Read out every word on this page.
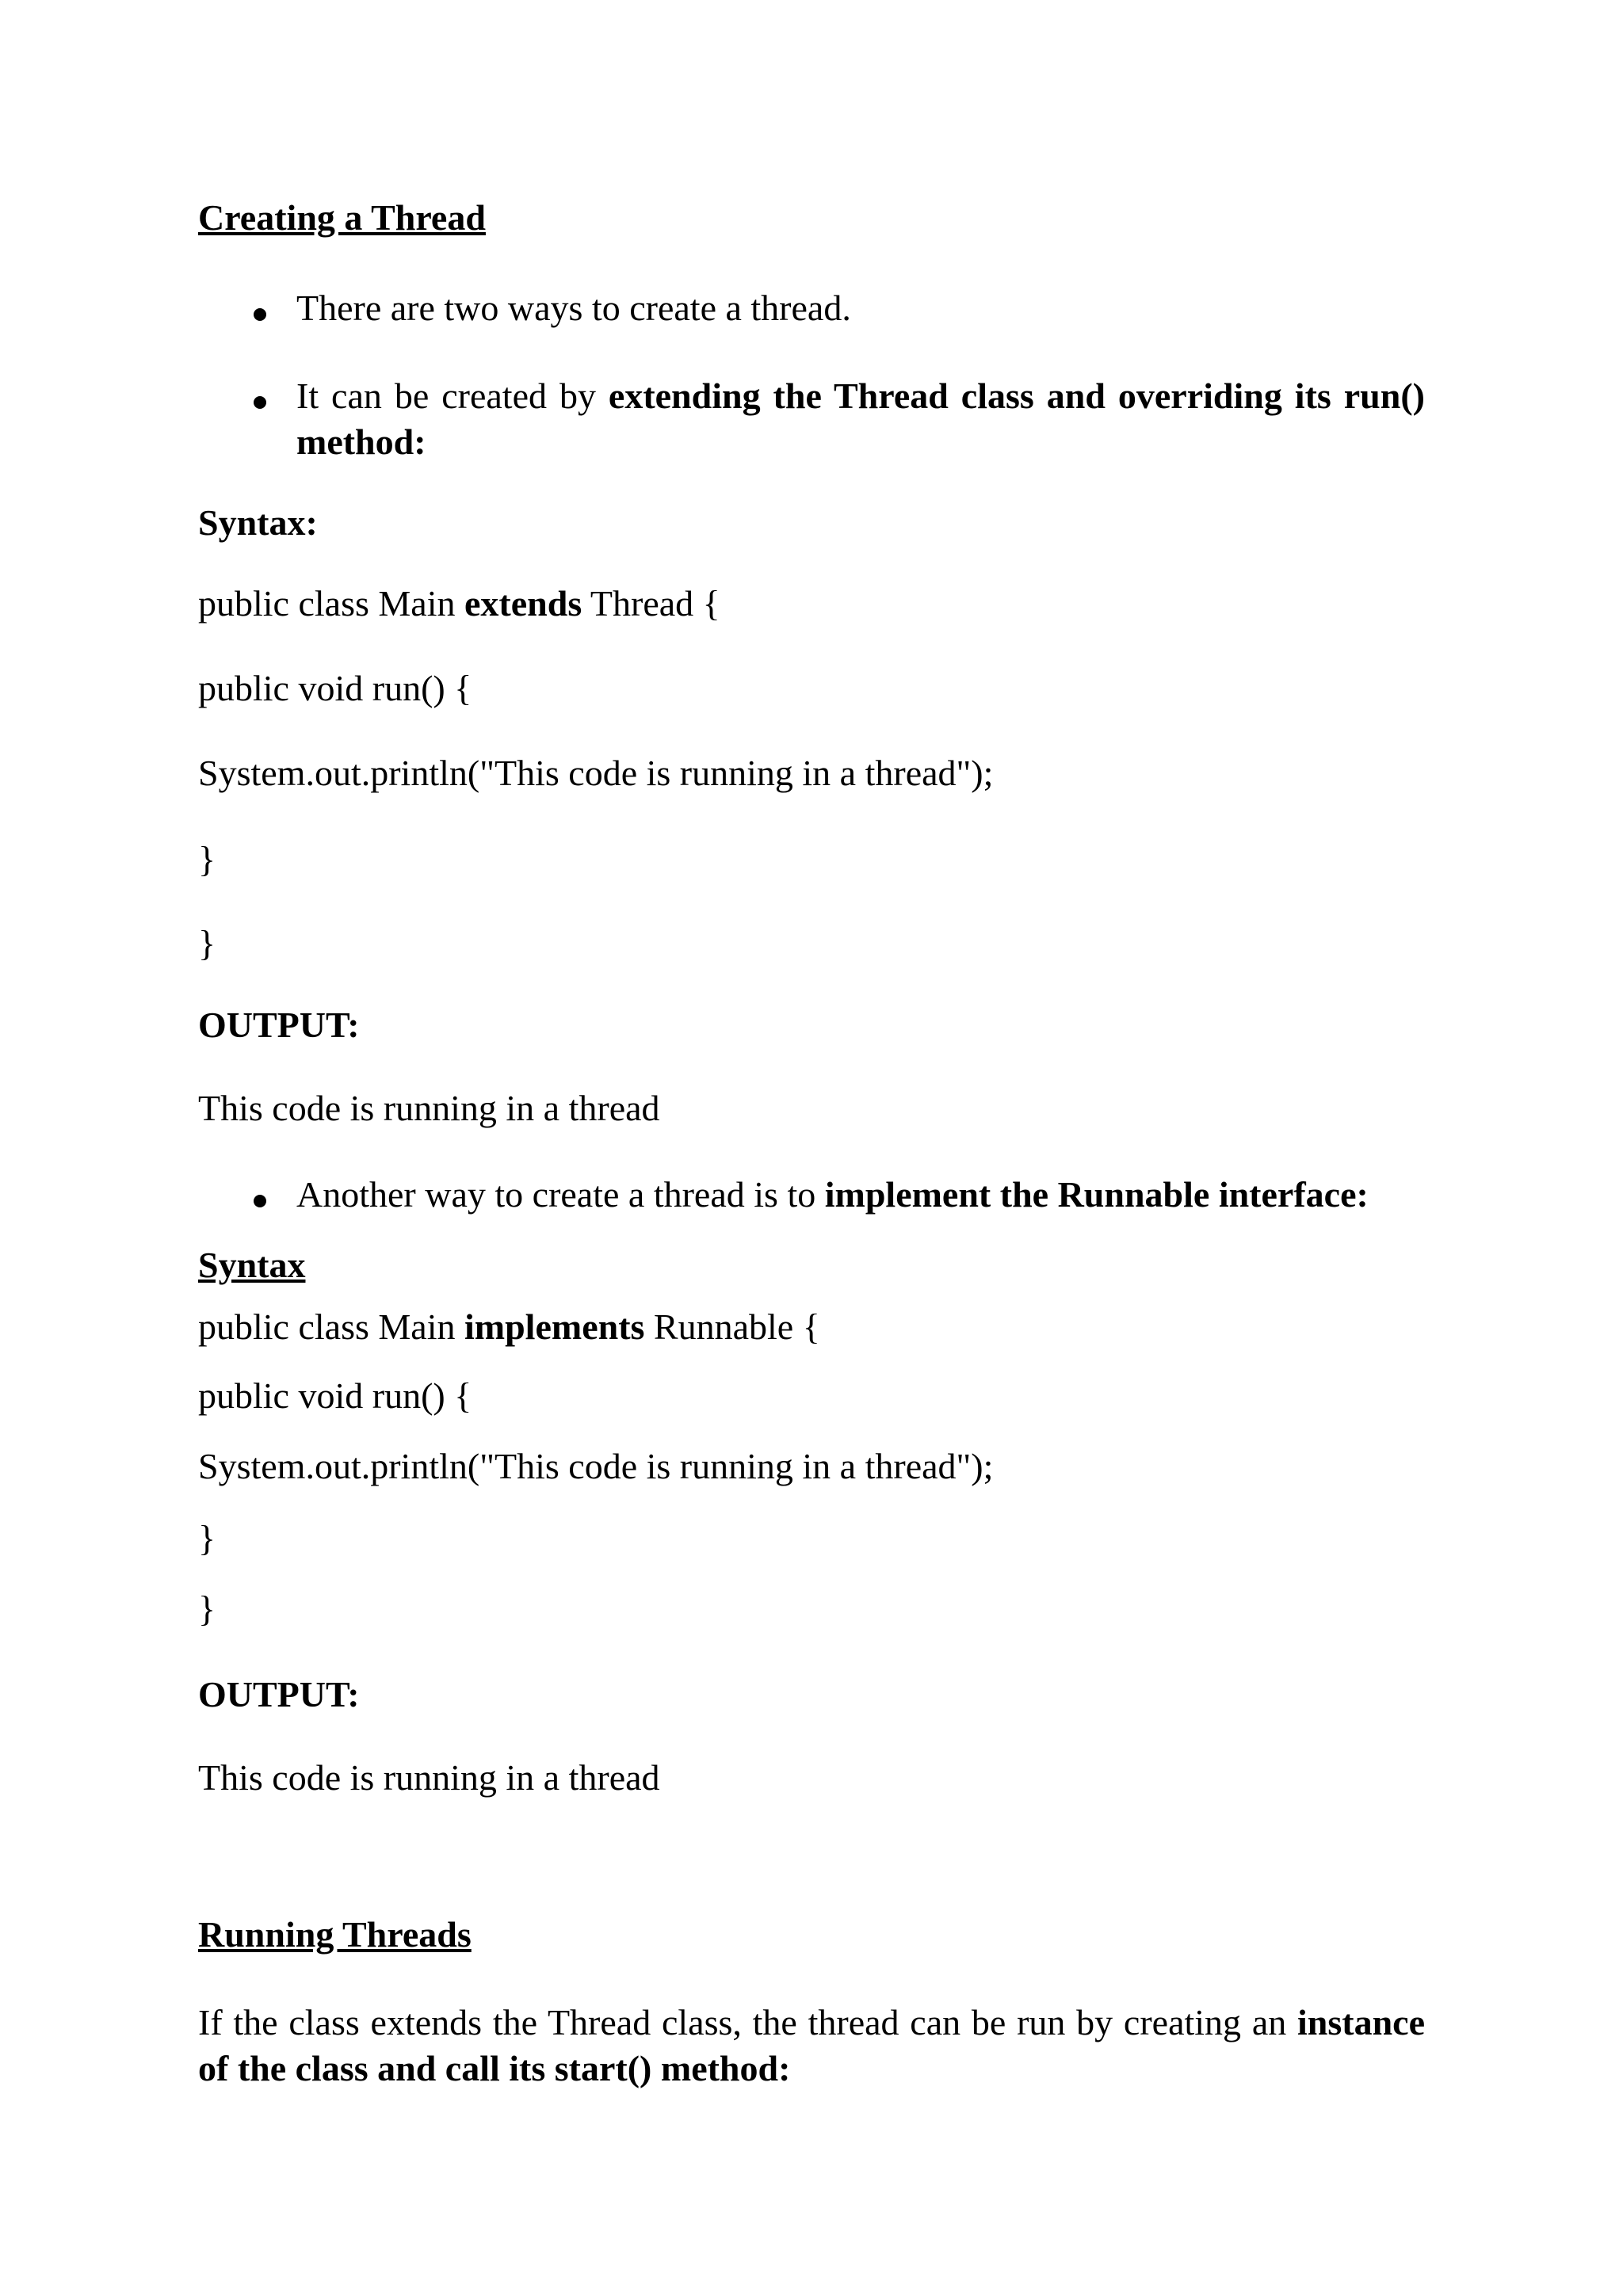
Creating a Thread

There are two ways to create a thread.

It can be created by extending the Thread class and overriding its run() method:

Syntax:

public class Main extends Thread {

public void run() {

System.out.println("This code is running in a thread");

}

}

OUTPUT:

This code is running in a thread

Another way to create a thread is to implement the Runnable interface:

Syntax

public class Main implements Runnable {

public void run() {

System.out.println("This code is running in a thread");

}

}

OUTPUT:

This code is running in a thread

Running Threads

If the class extends the Thread class, the thread can be run by creating an instance of the class and call its start() method:
